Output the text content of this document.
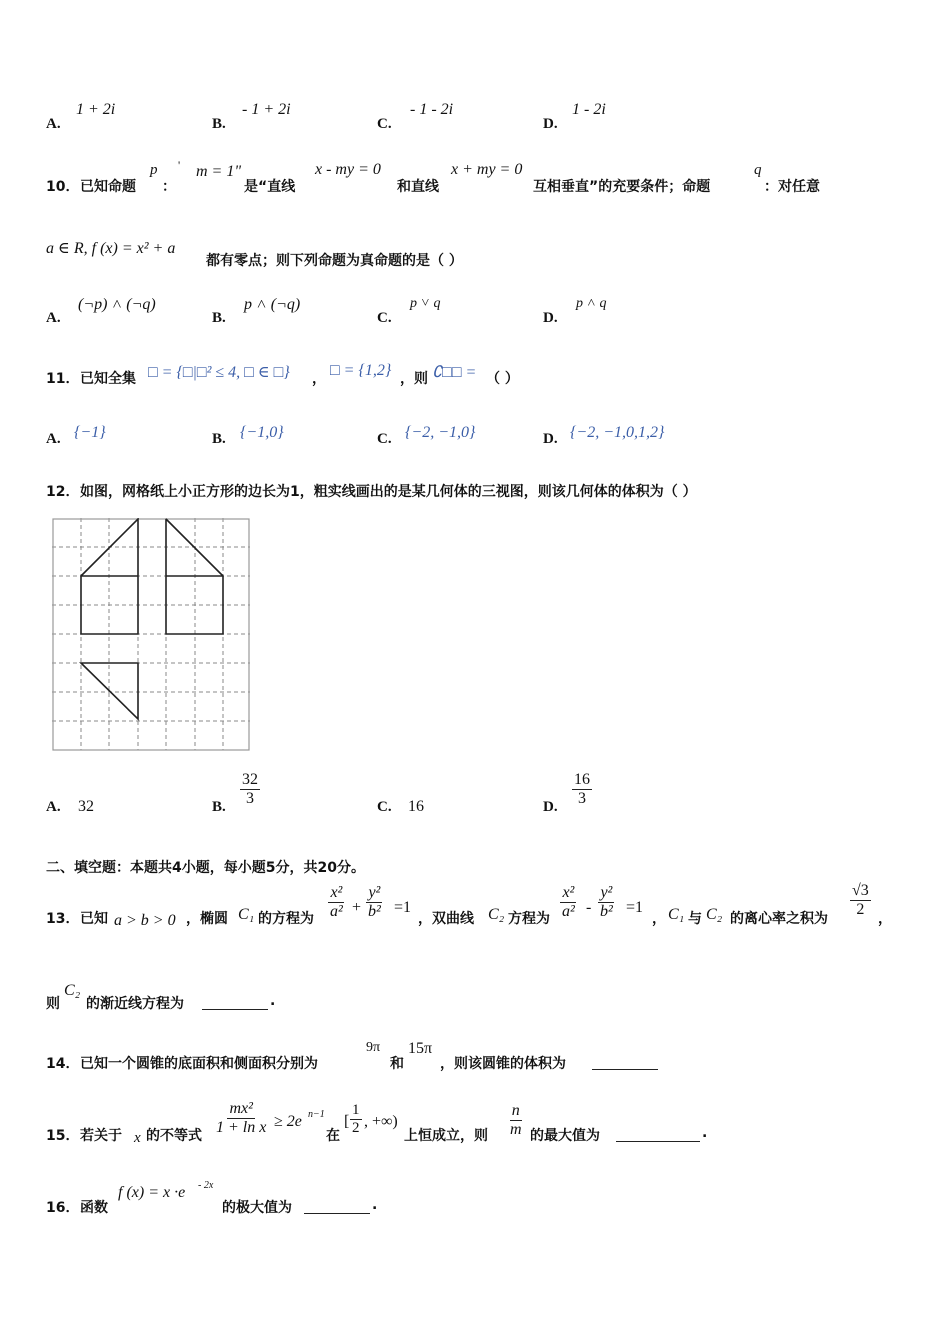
A.
1 + 2i
B.
- 1 + 2i
C.
- 1 - 2i
D.
1 - 2i
10． 已知命题
p
：
' m = 1"
是“直线
x - my = 0
和直线
x + my = 0
互相垂直”的充要条件；命题
q
：对任意
a ∈ R, f (x) = x² + a
都有零点；则下列命题为真命题的是（ ）
A.
(¬p) ˄ (¬q)
B.
p ˄ (¬q)
C.
p ˅ q
D.
p ˄ q
11． 已知全集 □ = {□|□² ≤ 4, □ ∈ □} ， □ = {1,2} ，则 ∁□□ = （ ）
A. {−1}	B. {−1,0}	C. {−2, −1,0}	D. {−2, −1,0,1,2}
12． 如图，网格纸上小正方形的边长为1，粗实线画出的是某几何体的三视图，则该几何体的体积为（ ）
A. 32	B. $\frac{32}{3}$	C. 16	D. $\frac{16}{3}$
二、填空题：本题共4小题，每小题5分，共20分。
13． 已知 a > b > 0 ，椭圆 C₁ 的方程为 $\frac{\text{x²}}{\text{a²}} + \frac{\text{y²}}{\text{b²}} =1$
，双曲线 C₂ 方程为 $\frac{\text{x²}}{\text{a²}} - \frac{\text{y²}}{\text{b²}} =1$
， C₁ 与 C₂ 的离心率之积为 $\frac{√3}{2}$ ，
则
C₂
的渐近线方程为	.
14． 已知一个圆锥的底面积和侧面积分别为
9π
和
15π
，则该圆锥的体积为
15． 若关于 x 的不等式 $\frac{\text{mx²}}{\text{1 + ln x}} \ge 2e$ n−1
在
[ $\frac{1}{2}$ , +∞)
上恒成立，则 $\frac{n}{m}$ 的最大值为	.
16． 函数
f (x) = x ·e - 2x
的极大值为	.
